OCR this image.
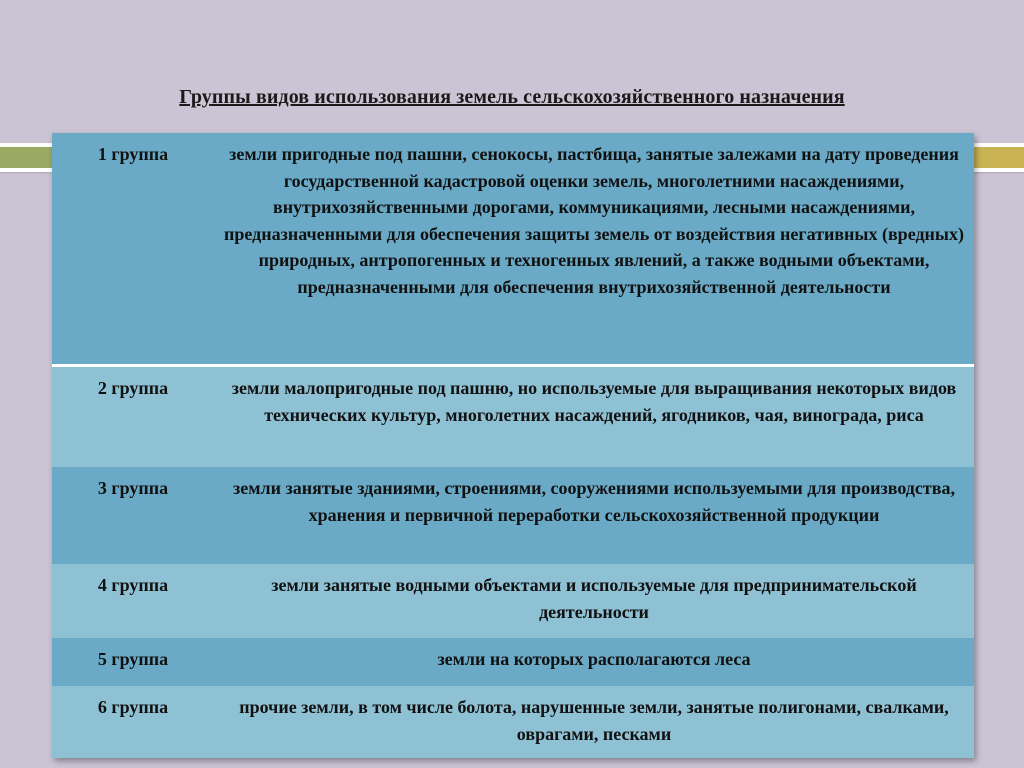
Группы видов использования земель сельскохозяйственного назначения
1 группа	земли пригодные под пашни, сенокосы, пастбища, занятые залежами на дату проведения государственной кадастровой оценки земель, многолетними насаждениями, внутрихозяйственными дорогами, коммуникациями, лесными насаждениями, предназначенными для обеспечения защиты земель от воздействия негативных (вредных) природных, антропогенных и техногенных явлений, а также водными объектами, предназначенными для обеспечения внутрихозяйственной деятельности
2 группа	земли малопригодные под пашню, но используемые для выращивания некоторых видов технических культур, многолетних насаждений, ягодников, чая, винограда, риса
3 группа	земли занятые зданиями, строениями, сооружениями используемыми для производства, хранения и первичной переработки сельскохозяйственной продукции
4 группа	земли занятые водными объектами и используемые для предпринимательской деятельности
5 группа	земли на которых располагаются леса
6 группа	прочие земли, в том числе болота, нарушенные земли, занятые полигонами, свалками, оврагами, песками
